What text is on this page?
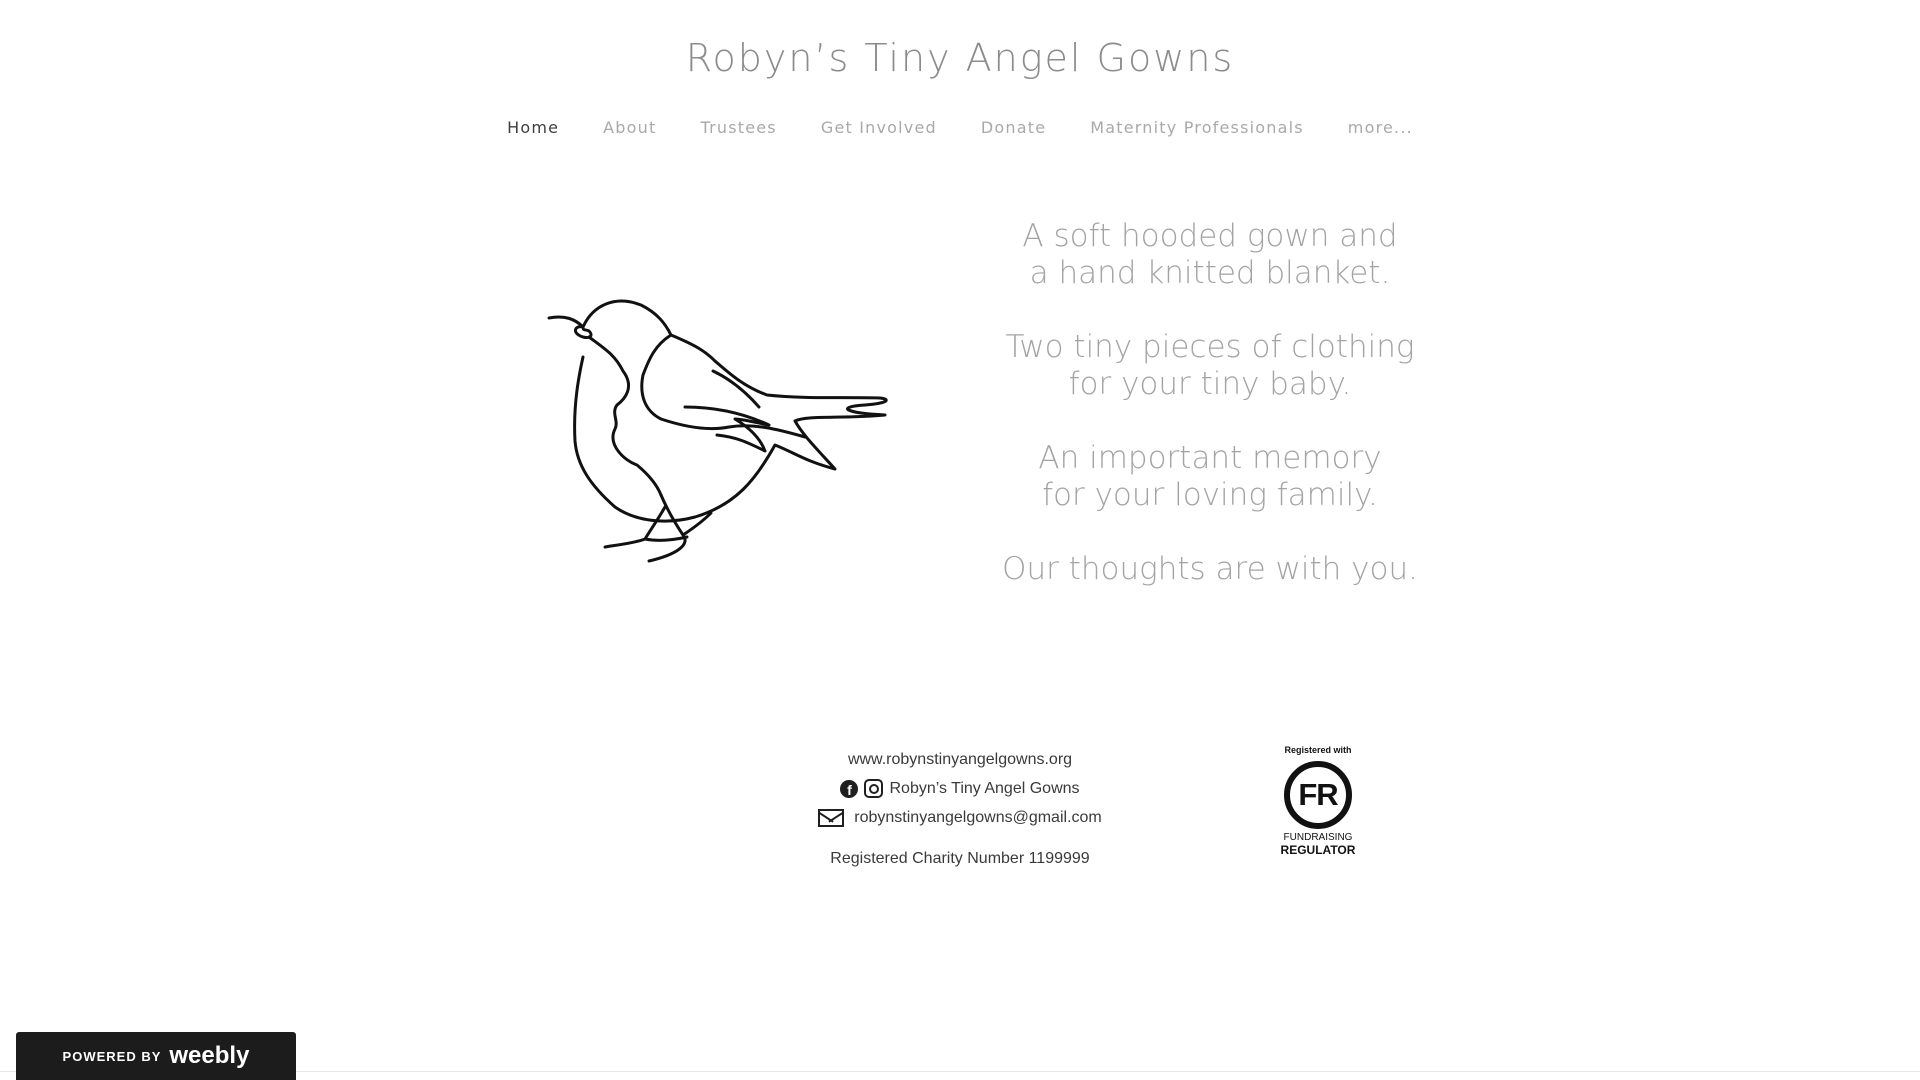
Robyn’s Tiny Angel Gowns
Home	About	Trustees	Get Involved	Donate	Maternity Professionals	more...

A soft hooded gown and
a hand knitted blanket.

Two tiny pieces of clothing
for your tiny baby.

An important memory
for your loving family.

Our thoughts are with you.

www.robynstinyangelgowns.org
f	Robyn’s Tiny Angel Gowns
robynstinyangelgowns@gmail.com
Registered Charity Number 1199999
Registered with
FR
FUNDRAISING
REGULATOR
POWERED BY weebly
